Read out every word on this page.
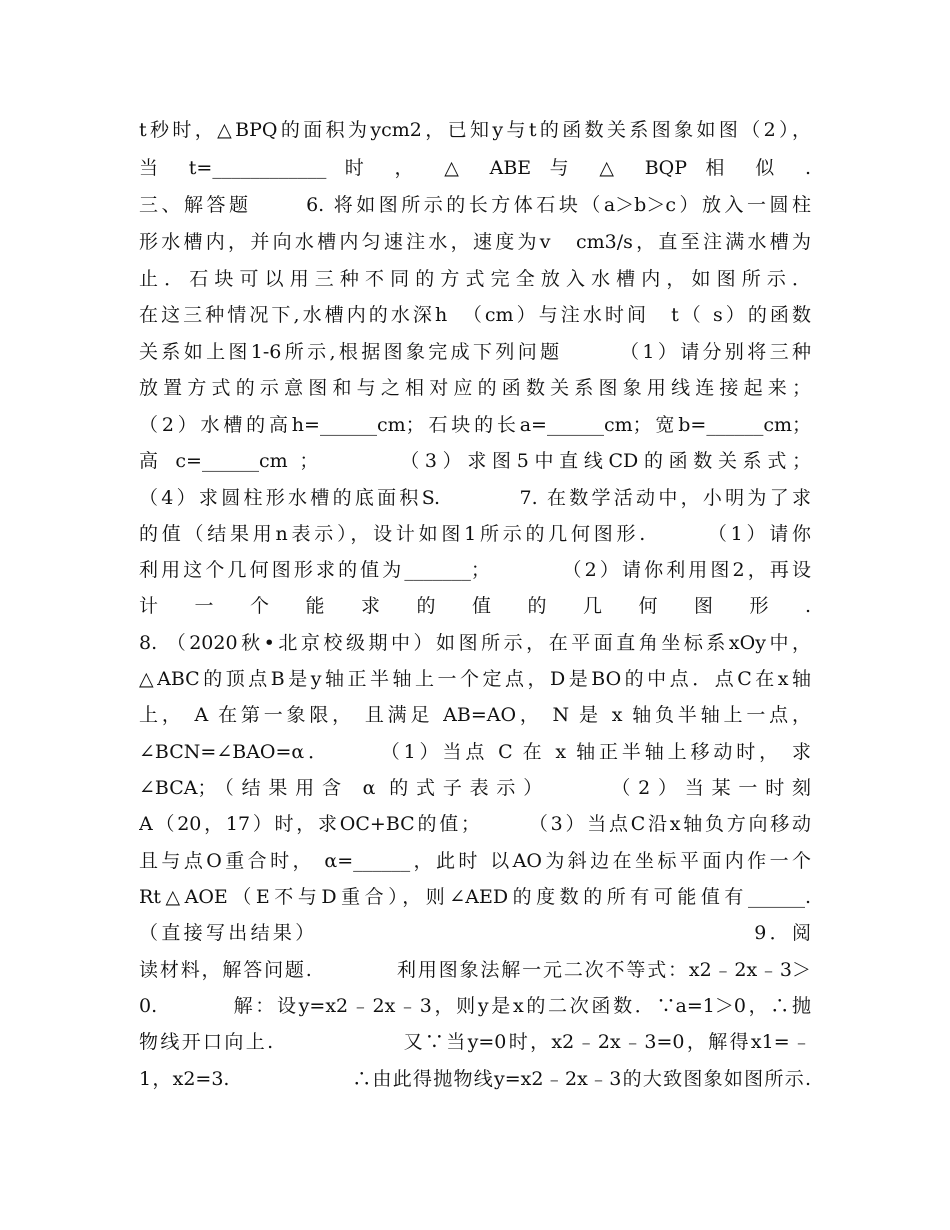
t秒时，△BPQ的面积为ycm2，已知y与t的函数关系图象如图（2），
当 t=____________ 时 ， △ ABE 与 △ BQP 相 似 .
三、解答题　　 6. 将如图所示的长方体石块（a＞b＞c）放入一圆柱
形水槽内，并向水槽内匀速注水，速度为v　cm3/s，直至注满水槽为
止．石块可以用三种不同的方式完全放入水槽内，如图所示．
在这三种情况下,水槽内的水深h　（cm）与注水时间　t（ s）的函数
关系如上图1-6所示,根据图象完成下列问题　　　（1）请分别将三种
放置方式的示意图和与之相对应的函数关系图象用线连接起来；
（2）水槽的高h=______cm；石块的长a=______cm；宽b=______cm；
高 c=______cm ；　　　 （3）求图5中直线CD的函数关系式；
（4）求圆柱形水槽的底面积S.　　　 7. 在数学活动中，小明为了求
的值（结果用n表示），设计如图1所示的几何图形.　　　（1）请你
利用这个几何图形求的值为_______；　　　　（2）请你利用图2，再设
计 一 个 能 求 的 值 的 几 何 图 形 .
8. （2020秋•北京校级期中）如图所示，在平面直角坐标系xOy中，
△ABC的顶点B是y轴正半轴上一个定点，D是BO的中点．点C在x轴
上， A 在第一象限， 且满足 AB=AO， N 是 x 轴负半轴上一点，
∠BCN=∠BAO=α．　　　（1）当点 C 在 x 轴正半轴上移动时， 求
∠BCA；（结果用含 α 的式子表示）　　　（2）当某一时刻
A（20，17）时，求OC+BC的值；　　　（3）当点C沿x轴负方向移动
且与点O重合时， α=______，此时 以AO为斜边在坐标平面内作一个
Rt△AOE（E不与D重合），则∠AED的度数的所有可能值有______.
（直接写出结果）　　　　　　　　　　　　　　　　　　　　9．阅
读材料，解答问题.　　　　利用图象法解一元二次不等式：x2﹣2x﹣3＞
0.　　　 解：设y=x2﹣2x﹣3，则y是x的二次函数．∵a=1＞0，∴抛
物线开口向上.　　　　　　又∵当y=0时，x2﹣2x﹣3=0，解得x1=﹣
1，x2=3.　　　　　　∴由此得抛物线y=x2﹣2x﹣3的大致图象如图所示.
